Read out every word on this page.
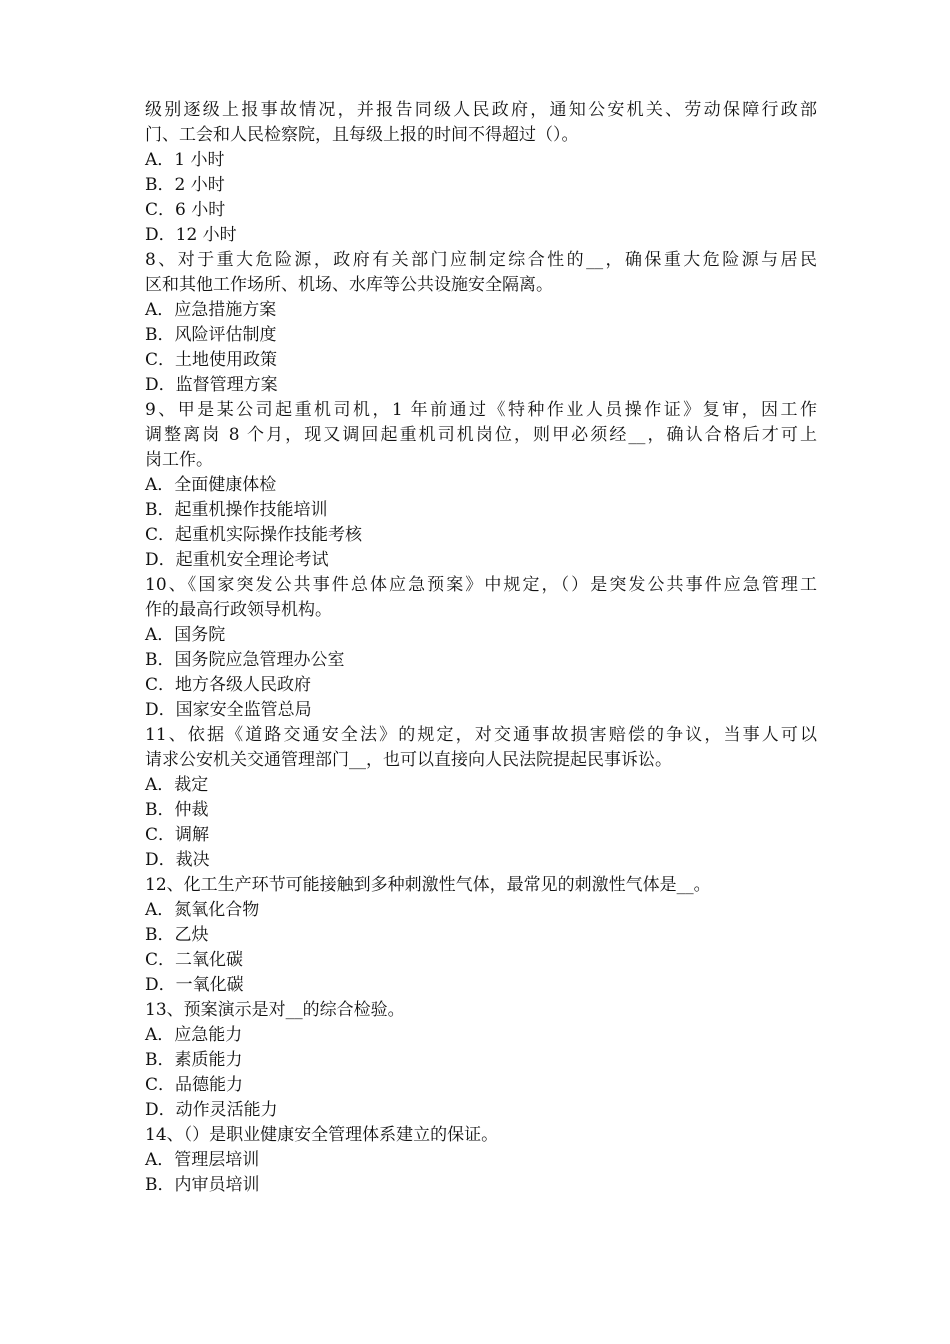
级别逐级上报事故情况，并报告同级人民政府，通知公安机关、劳动保障行政部
门、工会和人民检察院，且每级上报的时间不得超过（）。
A．1 小时
B．2 小时
C．6 小时
D．12 小时
8、对于重大危险源，政府有关部门应制定综合性的__，确保重大危险源与居民
区和其他工作场所、机场、水库等公共设施安全隔离。
A．应急措施方案
B．风险评估制度
C．土地使用政策
D．监督管理方案
9、甲是某公司起重机司机，1 年前通过《特种作业人员操作证》复审，因工作
调整离岗 8 个月，现又调回起重机司机岗位，则甲必须经__，确认合格后才可上
岗工作。
A．全面健康体检
B．起重机操作技能培训
C．起重机实际操作技能考核
D．起重机安全理论考试
10、《国家突发公共事件总体应急预案》中规定，（）是突发公共事件应急管理工
作的最高行政领导机构。
A．国务院
B．国务院应急管理办公室
C．地方各级人民政府
D．国家安全监管总局
11、依据《道路交通安全法》的规定，对交通事故损害赔偿的争议，当事人可以
请求公安机关交通管理部门__，也可以直接向人民法院提起民事诉讼。
A．裁定
B．仲裁
C．调解
D．裁决
12、化工生产环节可能接触到多种刺激性气体，最常见的刺激性气体是__。
A．氮氧化合物
B．乙炔
C．二氧化碳
D．一氧化碳
13、预案演示是对__的综合检验。
A．应急能力
B．素质能力
C．品德能力
D．动作灵活能力
14、（）是职业健康安全管理体系建立的保证。
A．管理层培训
B．内审员培训
